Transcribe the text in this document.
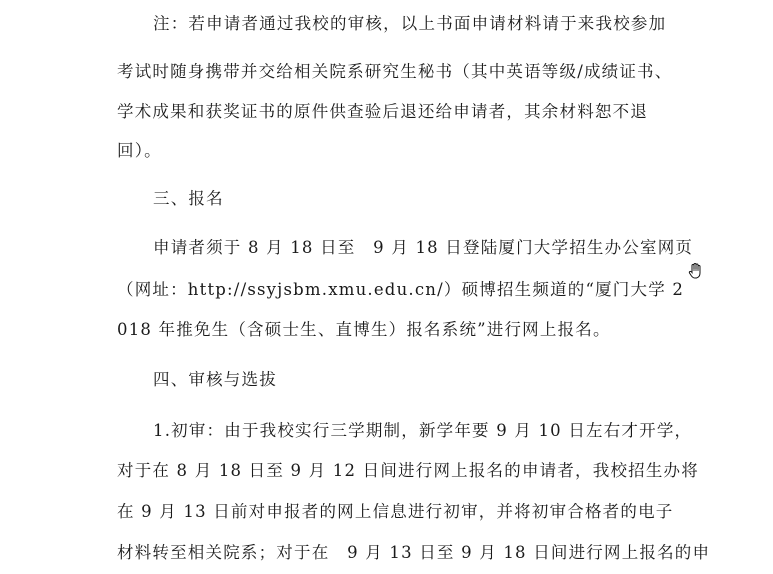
注：若申请者通过我校的审核，以上书面申请材料请于来我校参加
考试时随身携带并交给相关院系研究生秘书（其中英语等级/成绩证书、
学术成果和获奖证书的原件供查验后退还给申请者，其余材料恕不退
回）。
三、报名
申请者须于 8 月 18 日至　9 月 18 日登陆厦门大学招生办公室网页
（网址：http://ssyjsbm.xmu.edu.cn/）硕博招生频道的“厦门大学 2
018 年推免生（含硕士生、直博生）报名系统”进行网上报名。
四、审核与选拔
1.初审：由于我校实行三学期制，新学年要 9 月 10 日左右才开学，
对于在 8 月 18 日至 9 月 12 日间进行网上报名的申请者，我校招生办将
在 9 月 13 日前对申报者的网上信息进行初审，并将初审合格者的电子
材料转至相关院系；对于在　9 月 13 日至 9 月 18 日间进行网上报名的申
